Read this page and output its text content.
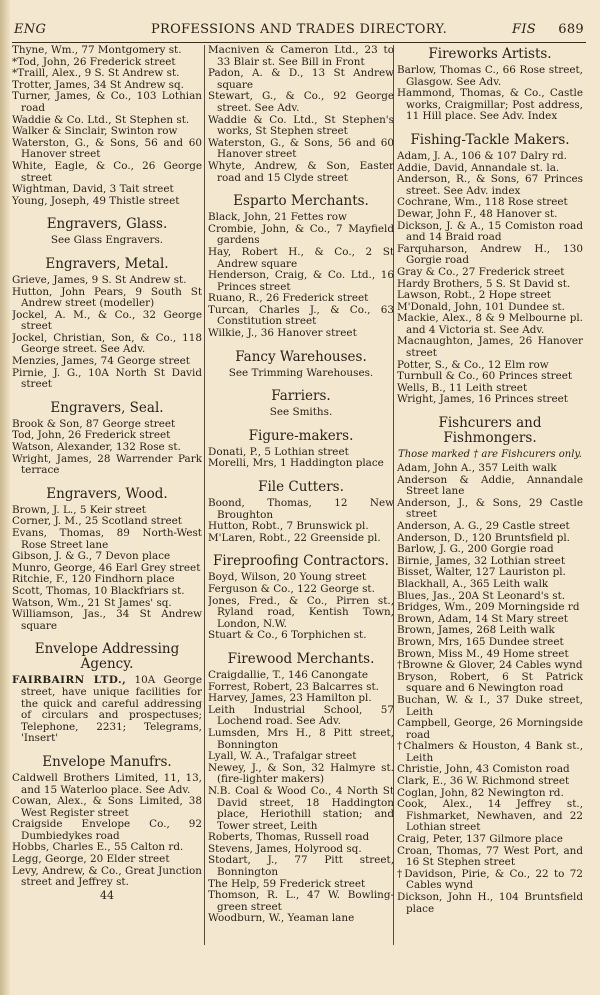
ENG	PROFESSIONS AND TRADES DIRECTORY.	FIS 689

Thyne, Wm., 77 Montgomery st.

*Tod, John, 26 Frederick street

*Traill, Alex., 9 S. St Andrew st.

Trotter, James, 34 St Andrew sq.

Turner, James, & Co., 103 Lothian road

Waddie & Co. Ltd., St Stephen st.

Walker & Sinclair, Swinton row

Waterston, G., & Sons, 56 and 60 Hanover street

White, Eagle, & Co., 26 George street

Wightman, David, 3 Tait street

Young, Joseph, 49 Thistle street

Engravers, Glass.
See Glass Engravers.
Engravers, Metal.

Grieve, James, 9 S. St Andrew st.

Hutton, John Pears, 9 South St Andrew street (modeller)

Jockel, A. M., & Co., 32 George street

Jockel, Christian, Son, & Co., 118 George street. See Adv.

Menzies, James, 74 George street

Pirnie, J. G., 10A North St David street

Engravers, Seal.

Brook & Son, 87 George street

Tod, John, 26 Frederick street

Watson, Alexander, 132 Rose st.

Wright, James, 28 Warrender Park terrace

Engravers, Wood.

Brown, J. L., 5 Keir street

Corner, J. M., 25 Scotland street

Evans, Thomas, 89 North-West Rose Street lane

Gibson, J. & G., 7 Devon place

Munro, George, 46 Earl Grey street

Ritchie, F., 120 Findhorn place

Scott, Thomas, 10 Blackfriars st.

Watson, Wm., 21 St James' sq.

Williamson, Jas., 34 St Andrew square

Envelope Addressing Agency.

FAIRBAIRN LTD., 10A George street, have unique facilities for the quick and careful addressing of circulars and prospectuses; Telephone, 2231; Telegrams, 'Insert'

Envelope Manufrs.

Caldwell Brothers Limited, 11, 13, and 15 Waterloo place. See Adv.

Cowan, Alex., & Sons Limited, 38 West Register street

Craigside Envelope Co., 92 Dumbiedykes road

Hobbs, Charles E., 55 Calton rd.

Legg, George, 20 Elder street

Levy, Andrew, & Co., Great Junction street and Jeffrey st.

44

Macniven & Cameron Ltd., 23 to 33 Blair st. See Bill in Front

Padon, A. & D., 13 St Andrew square

Stewart, G., & Co., 92 George street. See Adv.

Waddie & Co. Ltd., St Stephen's works, St Stephen street

Waterston, G., & Sons, 56 and 60 Hanover street

Whyte, Andrew, & Son, Easter road and 15 Clyde street

Esparto Merchants.

Black, John, 21 Fettes row

Crombie, John, & Co., 7 Mayfield gardens

Hay, Robert H., & Co., 2 St Andrew square

Henderson, Craig, & Co. Ltd., 16 Princes street

Ruano, R., 26 Frederick street

Turcan, Charles J., & Co., 63 Constitution street

Wilkie, J., 36 Hanover street

Fancy Warehouses.
See Trimming Warehouses.
Farriers.
See Smiths.
Figure-makers.

Donati, P., 5 Lothian street

Morelli, Mrs, 1 Haddington place

File Cutters.

Boond, Thomas, 12 New Broughton

Hutton, Robt., 7 Brunswick pl.

M'Laren, Robt., 22 Greenside pl.

Fireproofing Contractors.

Boyd, Wilson, 20 Young street

Ferguson & Co., 122 George st.

Jones, Fred., & Co., Pirren st., Ryland road, Kentish Town, London, N.W.

Stuart & Co., 6 Torphichen st.

Firewood Merchants.

Craigdallie, T., 146 Canongate

Forrest, Robert, 23 Balcarres st.

Harvey, James, 23 Hamilton pl.

Leith Industrial School, 57 Lochend road. See Adv.

Lumsden, Mrs H., 8 Pitt street, Bonnington

Lyall, W. A., Trafalgar street

Newey, J., & Son, 32 Halmyre st. (fire-lighter makers)

N.B. Coal & Wood Co., 4 North St David street, 18 Haddington place, Heriothill station; and Tower street, Leith

Roberts, Thomas, Russell road

Stevens, James, Holyrood sq.

Stodart, J., 77 Pitt street, Bonnington

The Help, 59 Frederick street

Thomson, R. L., 47 W. Bowling-green street

Woodburn, W., Yeaman lane

Fireworks Artists.

Barlow, Thomas C., 66 Rose street, Glasgow. See Adv.

Hammond, Thomas, & Co., Castle works, Craigmillar; Post address, 11 Hill place. See Adv. Index

Fishing-Tackle Makers.

Adam, J. A., 106 & 107 Dalry rd.

Addie, David, Annandale st. la.

Anderson, R., & Sons, 67 Princes street. See Adv. index

Cochrane, Wm., 118 Rose street

Dewar, John F., 48 Hanover st.

Dickson, J. & A., 15 Comiston road and 14 Braid road

Farquharson, Andrew H., 130 Gorgie road

Gray & Co., 27 Frederick street

Hardy Brothers, 5 S. St David st.

Lawson, Robt., 2 Hope street

M'Donald, John, 101 Dundee st.

Mackie, Alex., 8 & 9 Melbourne pl. and 4 Victoria st. See Adv.

Macnaughton, James, 26 Hanover street

Potter, S., & Co., 12 Elm row

Turnbull & Co., 60 Princes street

Wells, B., 11 Leith street

Wright, James, 16 Princes street

Fishcurers and Fishmongers.
Those marked † are Fishcurers only.

Adam, John A., 357 Leith walk

Anderson & Addie, Annandale Street lane

Anderson, J., & Sons, 29 Castle street

Anderson, A. G., 29 Castle street

Anderson, D., 120 Bruntsfield pl.

Barlow, J. G., 200 Gorgie road

Birnie, James, 32 Lothian street

Bisset, Walter, 127 Lauriston pl.

Blackhall, A., 365 Leith walk

Blues, Jas., 20A St Leonard's st.

Bridges, Wm., 209 Morningside rd

Brown, Adam, 14 St Mary street

Brown, James, 268 Leith walk

Brown, Mrs, 165 Dundee street

Brown, Miss M., 49 Home street

†Browne & Glover, 24 Cables wynd

Bryson, Robert, 6 St Patrick square and 6 Newington road

Buchan, W. & I., 37 Duke street, Leith

Campbell, George, 26 Morningside road

†Chalmers & Houston, 4 Bank st., Leith

Christie, John, 43 Comiston road

Clark, E., 36 W. Richmond street

Coglan, John, 82 Newington rd.

Cook, Alex., 14 Jeffrey st., Fishmarket, Newhaven, and 22 Lothian street

Craig, Peter, 137 Gilmore place

Croan, Thomas, 77 West Port, and 16 St Stephen street

†Davidson, Pirie, & Co., 22 to 72 Cables wynd

Dickson, John H., 104 Bruntsfield place
